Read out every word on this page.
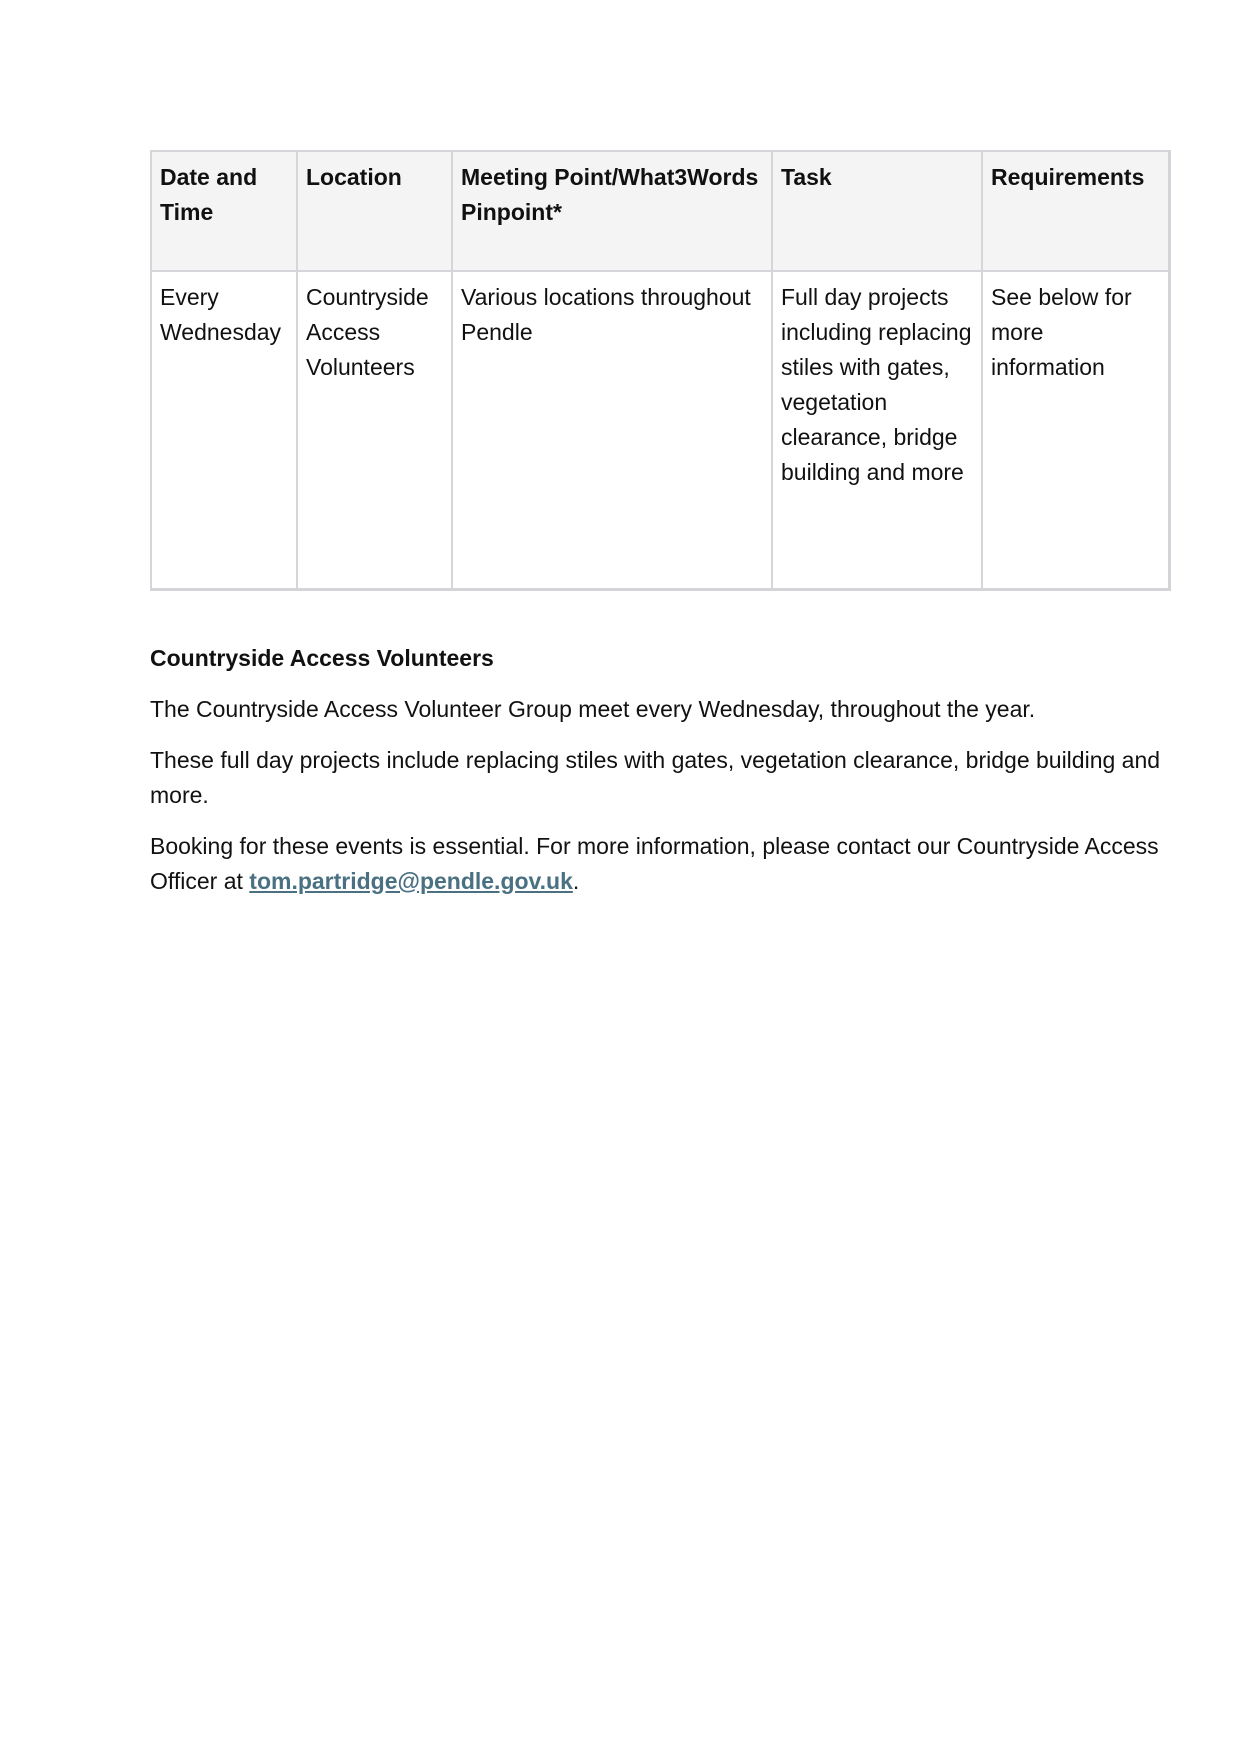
Date and Time	Location	Meeting Point/What3Words Pinpoint*	Task	Requirements
Every Wednesday	Countryside Access Volunteers	Various locations throughout Pendle	Full day projects including replacing stiles with gates, vegetation clearance, bridge building and more	See below for more information
Countryside Access Volunteers

The Countryside Access Volunteer Group meet every Wednesday, throughout the year.

These full day projects include replacing stiles with gates, vegetation clearance, bridge building and more.

Booking for these events is essential. For more information, please contact our Countryside Access Officer at tom.partridge@pendle.gov.uk.
